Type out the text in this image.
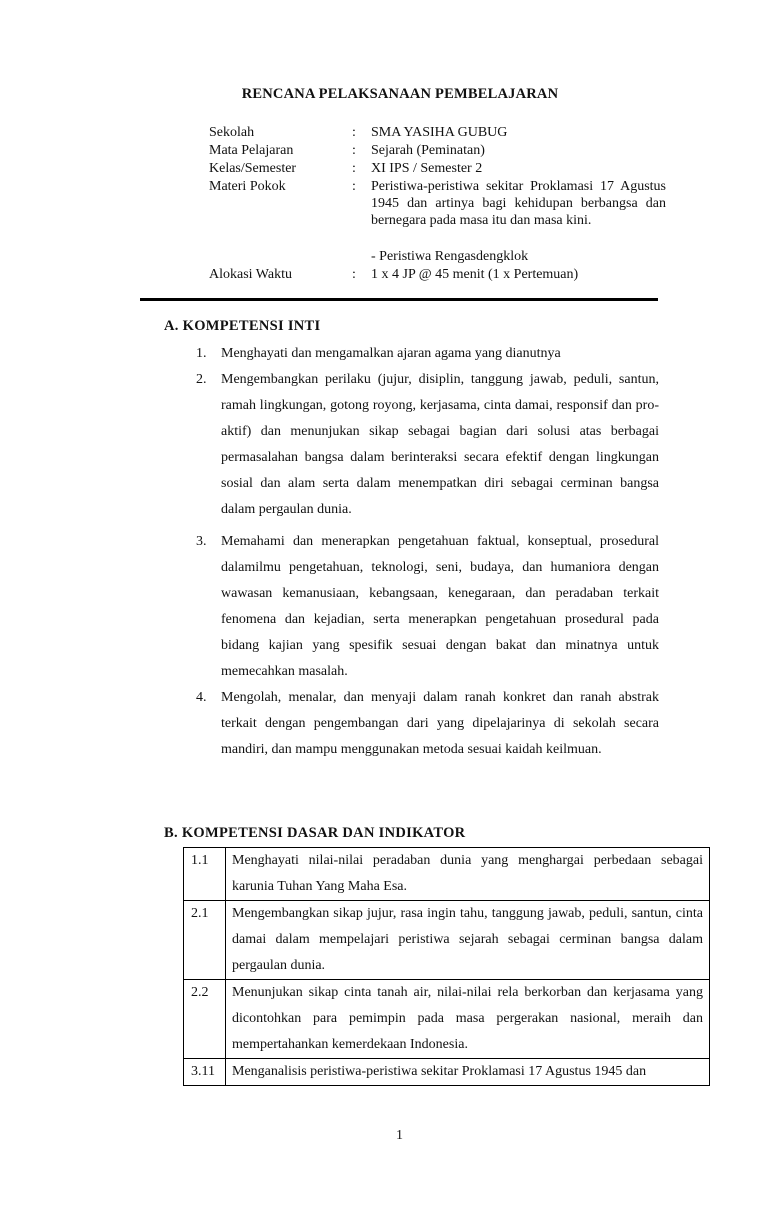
RENCANA PELAKSANAAN PEMBELAJARAN
Sekolah	:	SMA YASIHA GUBUG
Mata Pelajaran	:	Sejarah (Peminatan)
Kelas/Semester	:	XI IPS / Semester 2
Materi Pokok	:	Peristiwa-peristiwa sekitar Proklamasi 17 Agustus 1945 dan artinya bagi kehidupan berbangsa dan bernegara pada masa itu dan masa kini.
- Peristiwa Rengasdengklok
Alokasi Waktu	:	1 x 4 JP @ 45 menit (1 x Pertemuan)
A. KOMPETENSI INTI
1.	Menghayati dan mengamalkan ajaran agama yang dianutnya
2.	Mengembangkan perilaku (jujur, disiplin, tanggung jawab, peduli, santun, ramah lingkungan, gotong royong, kerjasama, cinta damai, responsif dan pro-aktif) dan menunjukan sikap sebagai bagian dari solusi atas berbagai permasalahan bangsa dalam berinteraksi secara efektif dengan lingkungan sosial dan alam serta dalam menempatkan diri sebagai cerminan bangsa dalam pergaulan dunia.
3.	Memahami dan menerapkan pengetahuan faktual, konseptual, prosedural dalamilmu pengetahuan, teknologi, seni, budaya, dan humaniora dengan wawasan kemanusiaan, kebangsaan, kenegaraan, dan peradaban terkait fenomena dan kejadian, serta menerapkan pengetahuan prosedural pada bidang kajian yang spesifik sesuai dengan bakat dan minatnya untuk memecahkan masalah.
4.	Mengolah, menalar, dan menyaji dalam ranah konkret dan ranah abstrak terkait dengan pengembangan dari yang dipelajarinya di sekolah secara mandiri, dan mampu menggunakan metoda sesuai kaidah keilmuan.
B. KOMPETENSI DASAR DAN INDIKATOR
1.1	Menghayati nilai-nilai peradaban dunia yang menghargai perbedaan sebagai karunia Tuhan Yang Maha Esa.
2.1	Mengembangkan sikap jujur, rasa ingin tahu, tanggung jawab, peduli, santun, cinta damai dalam mempelajari peristiwa sejarah sebagai cerminan bangsa dalam pergaulan dunia.
2.2	Menunjukan sikap cinta tanah air, nilai-nilai rela berkorban dan kerjasama yang dicontohkan para pemimpin pada masa pergerakan nasional, meraih dan mempertahankan kemerdekaan Indonesia.
3.11	Menganalisis peristiwa-peristiwa sekitar Proklamasi 17 Agustus 1945 dan
1
